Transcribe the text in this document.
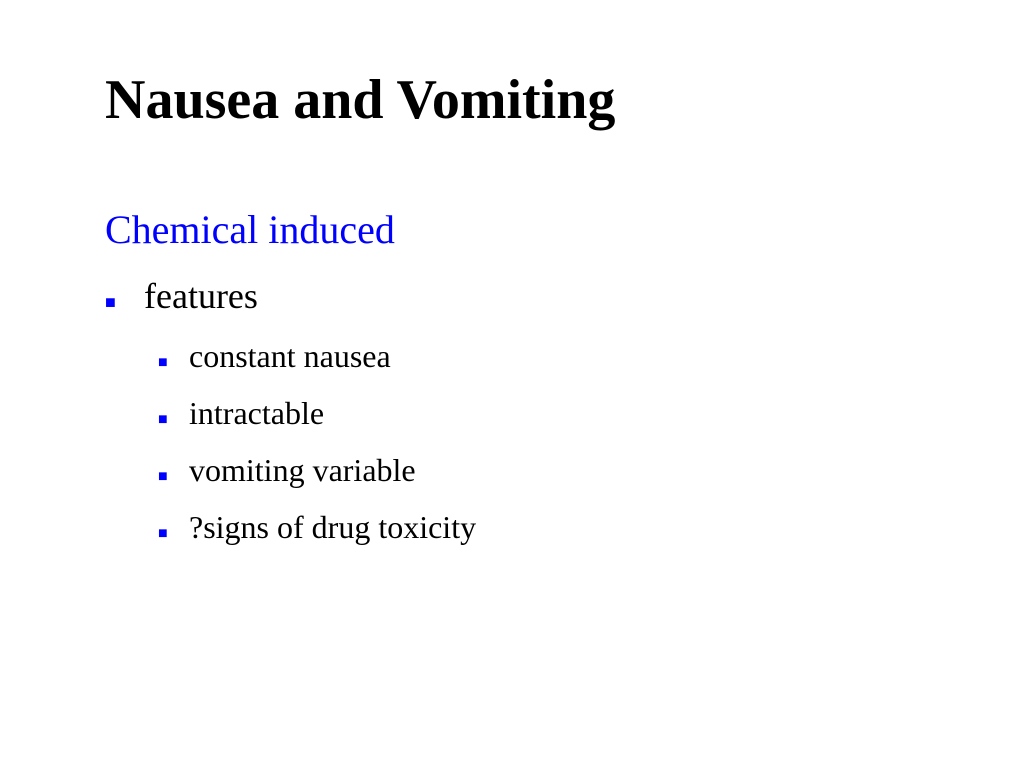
Nausea and Vomiting
Chemical induced
■ features
■ constant nausea
■ intractable
■ vomiting variable
■ ?signs of drug toxicity
